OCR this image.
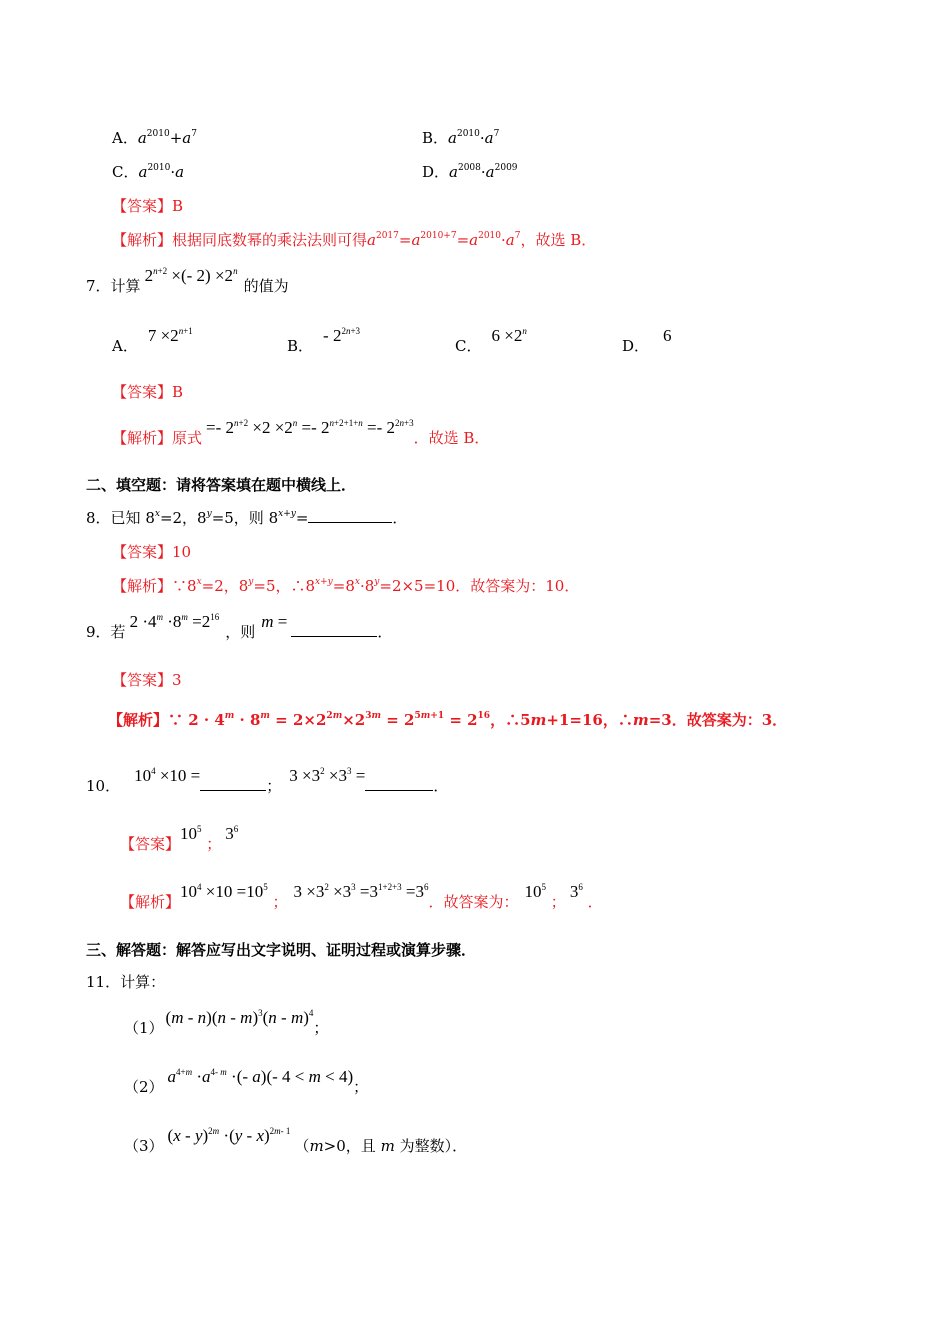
A．$a^{2010}+a^7$	B．$a^{2010}\cdot a^7$
C．$a^{2010}\cdot a$	D．$a^{2008}\cdot a^{2009}$
【答案】B
【解析】根据同底数幂的乘法法则可得$a^{2017}=a^{2010+7}=a^{2010}\cdot a^7$，故选 B．
7．计算$2^{n+2}$ ×(- $2) \times 2^n$的值为
A．$7 \times 2^{n+1}$
B．- $2^{2n+3}$
C．$6 \times 2^n$
D．6
【答案】B
【解析】原式=- $2^{n+2} \times 2 \times 2^n =- 2^{n+2+1+n} =- 2^{2n+3}$．故选 B．
二、填空题：请将答案填在题中横线上．
8．已知 $8^x=2$，$8^y=5$，则 $8^{x+y}=$	．
【答案】10
【解析】$\because 8^x=2$，$8^y=5$，$\therefore 8^{x+y}=8^x\cdot 8^y=2\times 5=10$．故答案为：10．
9．若$2 \cdot 4^m \cdot 8^m =2^{16}$，则m =．
【答案】3
【解析】∵ $2 \cdot 4^m \cdot 8^m = 2\times 2^{2m}\times 2^{3m} = 2^{5m+1} = 2^{16}$，∴5m+1=16，∴m=3．故答案为：3．
10．$10^4 \times 10$ =；$3 \times 3^2 \times 3^3$ =．
【答案】$10^5$ ；$3^6$
【解析】$10^4 \times 10 =10^5$ ；$3 \times 3^2 \times 3^3 =3^{1+2+3} =3^6$．故答案为：$10^5$ ；$3^6$ ．
三、解答题：解答应写出文字说明、证明过程或演算步骤．
11．计算：
（1）(m - n)(n - m)$^3$(n - m)$^4$；
$(2)a^{4+m} \cdot a^{4- m}$ ·(- a)(- 4 < m < 4)；
（3）(x - y)$^{2m}$ ·(y - x)$^{2m- 1}$（m>0，且 m 为整数）．
